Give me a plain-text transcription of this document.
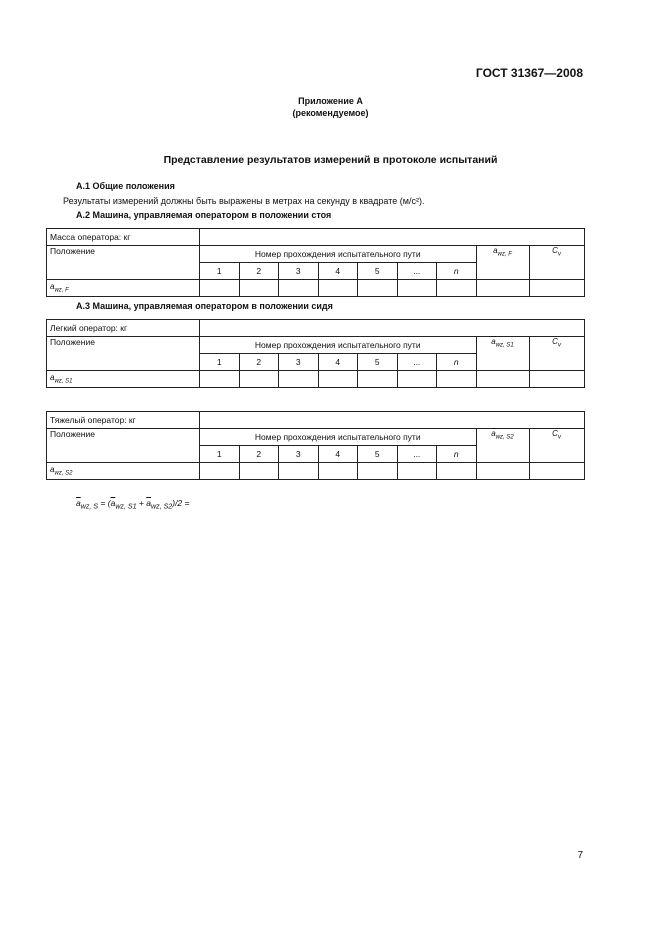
ГОСТ 31367—2008
Приложение А
(рекомендуемое)
Представление результатов измерений в протоколе испытаний
А.1 Общие положения
Результаты измерений должны быть выражены в метрах на секунду в квадрате (м/с²).
А.2 Машина, управляемая оператором в положении стоя
Масса оператора: кг									
Положение	Номер прохождения испытательного пути							$\overline{a}_{wz, F}$	$C_v$
	1	2	3	4	5	...	n		
$a_{wz, F}$									
А.3 Машина, управляемая оператором в положении сидя
Легкий оператор: кг									
Положение	Номер прохождения испытательного пути							$\overline{a}_{wz, S1}$	$C_v$
	1	2	3	4	5	...	n		
$a_{wz, S1}$									
Тяжелый оператор: кг									
Положение	Номер прохождения испытательного пути							$\overline{a}_{wz, S2}$	$C_v$
	1	2	3	4	5	...	n		
$a_{wz, S2}$									
$\overline{a}_{wz, S} = (\overline{a}_{wz, S1} + \overline{a}_{wz, S2})/2$ =
7
